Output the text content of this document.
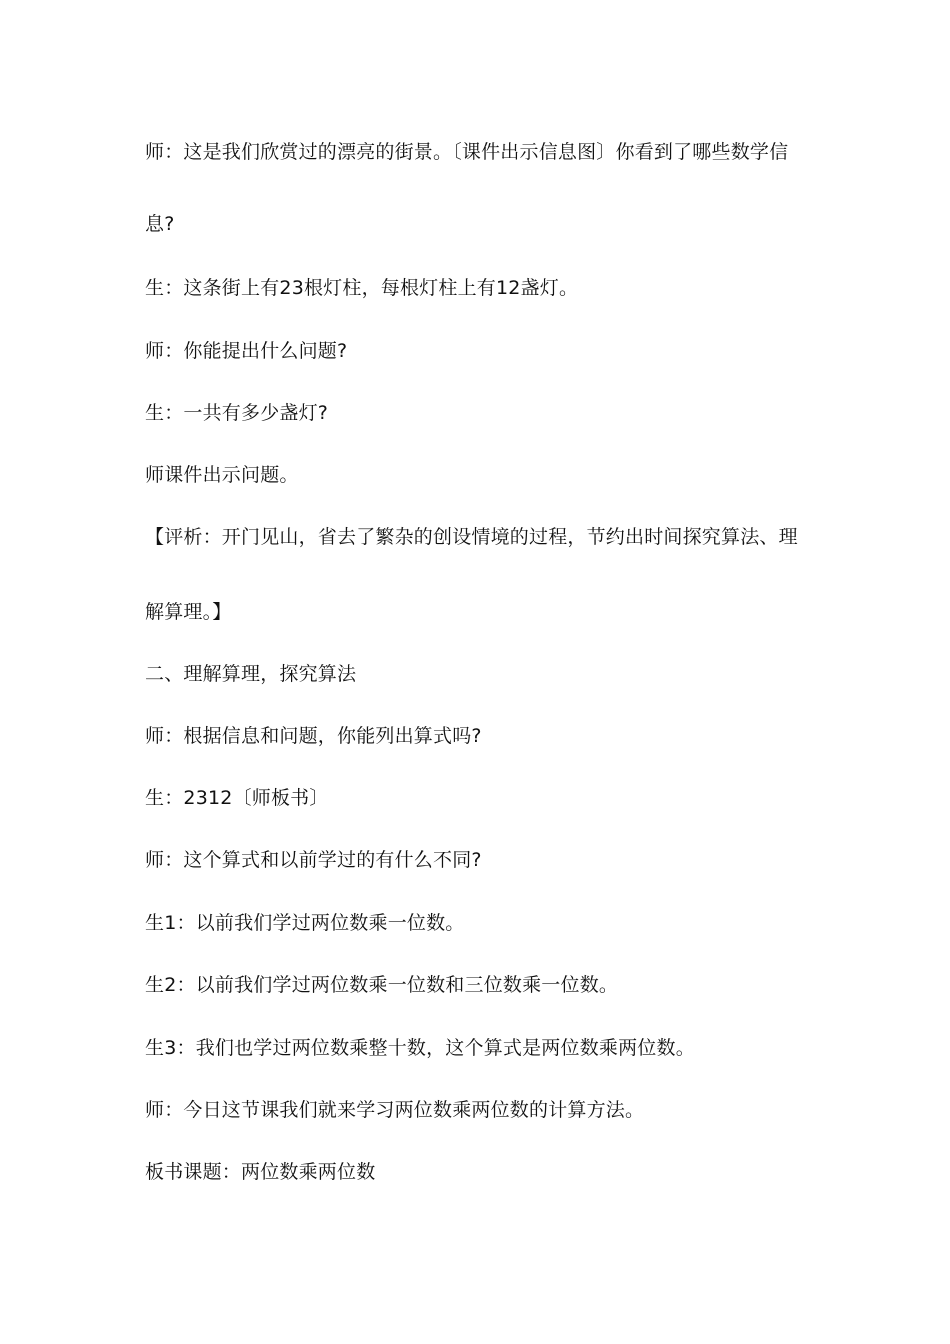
师：这是我们欣赏过的漂亮的街景。〔课件出示信息图〕你看到了哪些数学信
息?
生：这条街上有23根灯柱，每根灯柱上有12盏灯。
师：你能提出什么问题?
生：一共有多少盏灯?
师课件出示问题。
【评析：开门见山，省去了繁杂的创设情境的过程，节约出时间探究算法、理
解算理。】
二、理解算理，探究算法
师：根据信息和问题，你能列出算式吗?
生：2312〔师板书〕
师：这个算式和以前学过的有什么不同?
生1：以前我们学过两位数乘一位数。
生2：以前我们学过两位数乘一位数和三位数乘一位数。
生3：我们也学过两位数乘整十数，这个算式是两位数乘两位数。
师：今日这节课我们就来学习两位数乘两位数的计算方法。
板书课题：两位数乘两位数
